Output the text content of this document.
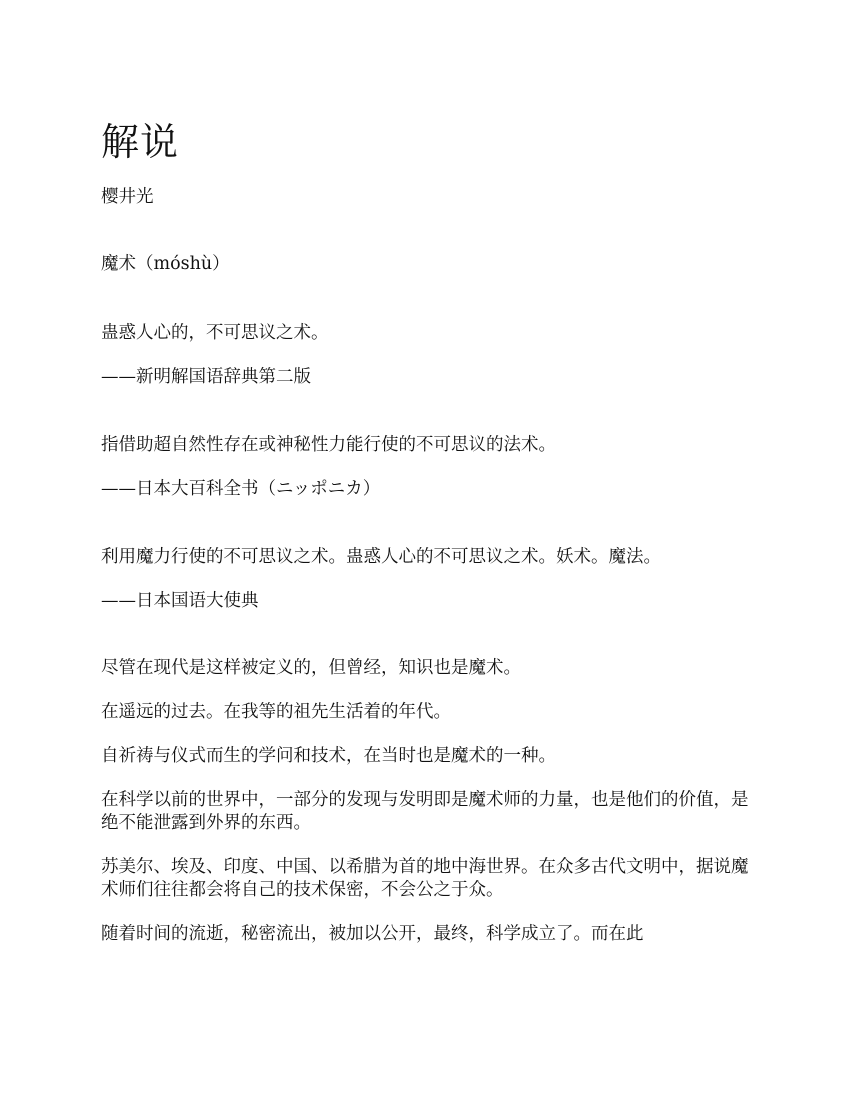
解说

樱井光

魔术（móshù）

蛊惑人心的，不可思议之术。

——新明解国语辞典第二版

指借助超自然性存在或神秘性力能行使的不可思议的法术。

——日本大百科全书（ニッポニカ）

利用魔力行使的不可思议之术。蛊惑人心的不可思议之术。妖术。魔法。

——日本国语大使典

尽管在现代是这样被定义的，但曾经，知识也是魔术。

在遥远的过去。在我等的祖先生活着的年代。

自祈祷与仪式而生的学问和技术，在当时也是魔术的一种。

在科学以前的世界中，一部分的发现与发明即是魔术师的力量，也是他们的价值，是绝不能泄露到外界的东西。

苏美尔、埃及、印度、中国、以希腊为首的地中海世界。在众多古代文明中，据说魔术师们往往都会将自己的技术保密，不会公之于众。

随着时间的流逝，秘密流出，被加以公开，最终，科学成立了。而在此
